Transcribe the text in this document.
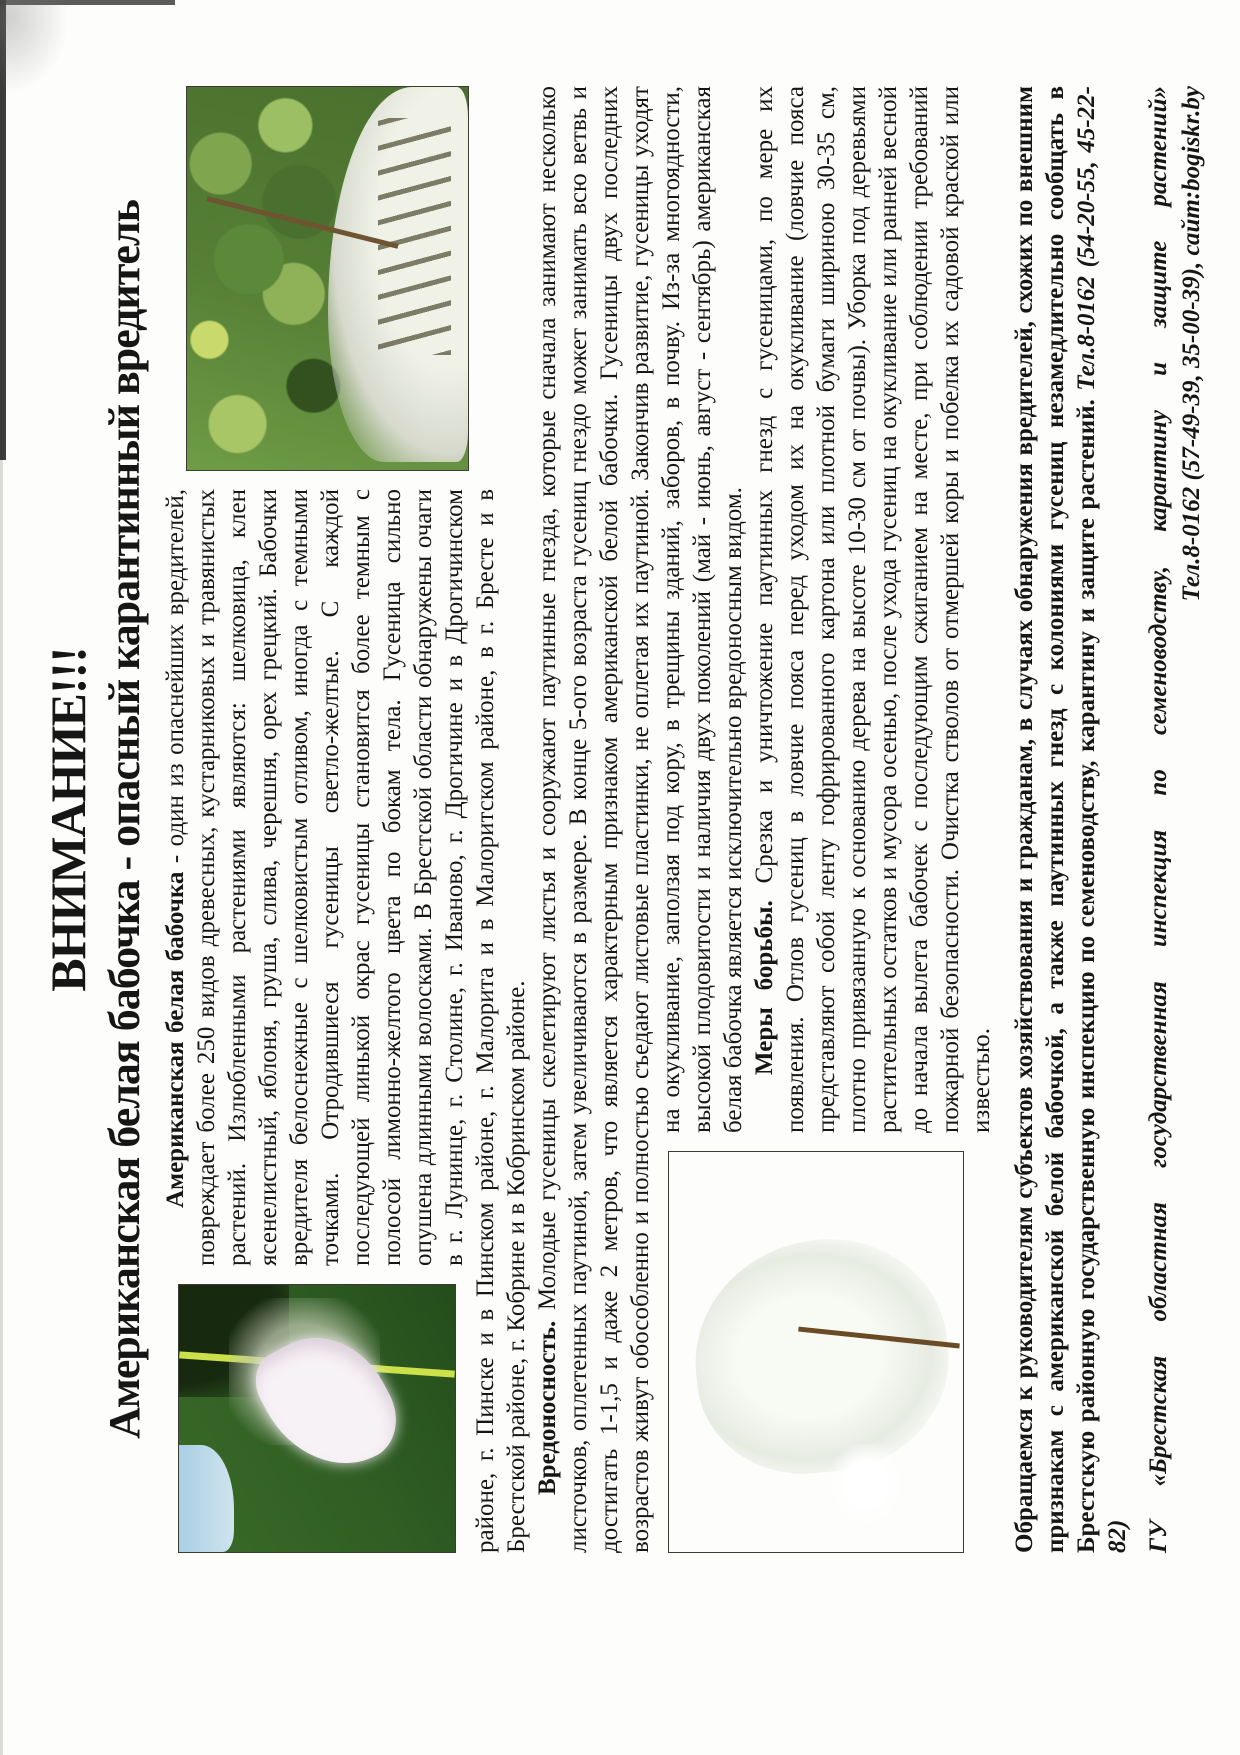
ВНИМАНИЕ!!! Американская белая бабочка - опасный карантинный вредитель Американская белая бабочка - один из опаснейших вредителей, повреждает более 250 видов древесных, кустарниковых и травянистых растений. Излюбленными растениями являются: шелковица, клен ясенелистный, яблоня, груша, слива, черешня, орех грецкий. Бабочки вредителя белоснежные с шелковистым отливом, иногда с темными точками. Отродившиеся гусеницы светло-желтые. С каждой последующей линькой окрас гусеницы становится более темным с полосой лимонно-желтого цвета по бокам тела. Гусеница сильно опушена длинными волосками. В Брестской области обнаружены очаги в г. Лунинце, г. Столине, г. Иваново, г. Дрогичине и в Дрогичинском районе, г. Пинске и в Пинском районе, г. Малорита и в Малоритском районе, в г. Бресте и в Брестской районе, г. Кобрине и в Кобринском районе. Вредоносность. Молодые гусеницы скелетируют листья и сооружают паутинные гнезда, которые сначала занимают несколько листочков, оплетенных паутиной, затем увеличиваются в размере. В конце 5-ого возраста гусениц гнездо может занимать всю ветвь и достигать 1-1,5 и даже 2 метров, что является характерным признаком американской белой бабочки. Гусеницы двух последних возрастов живут обособленно и полностью съедают листовые пластинки, не оплетая их паутиной.
Закончив развитие, гусеницы уходят на окукливание, заползая под кору, в трещины зданий, заборов, в почву. Из-за многоядности, высокой плодовитости и наличия двух поколений (май - июнь, август - сентябрь) американская белая бабочка является исключительно вредоносным видом. Меры борьбы. Срезка и уничтожение паутинных гнезд с гусеницами, по мере их появления. Отлов гусениц в ловчие пояса перед уходом их на окукливание (ловчие пояса представляют собой ленту гофрированного картона или плотной бумаги шириною 30-35 см, плотно привязанную к основанию дерева на высоте 10-30 см от почвы). Уборка под деревьями растительных остатков и мусора осенью, после ухода гусениц на окукливание или ранней весной до начала вылета бабочек с последующим сжиганием на месте, при соблюдении требований пожарной безопасности. Очистка стволов от отмершей коры и побелка их садовой краской или известью. Обращаемся к руководителям субъектов хозяйствования и гражданам, в случаях обнаружения вредителей, схожих по внешним признакам с американской белой бабочкой, а также паутинных гнезд с колониями гусениц незамедлительно сообщать в Брестскую районную государственную инспекцию по семеноводству, карантину и защите растений. Тел.8-0162 (54-20-55, 45-22-82) ГУ «Брестская областная государственная инспекция по семеноводству, карантину и защите растений» Тел.8-0162 (57-49-39, 35-00-39), сайт:bogiskr.by
